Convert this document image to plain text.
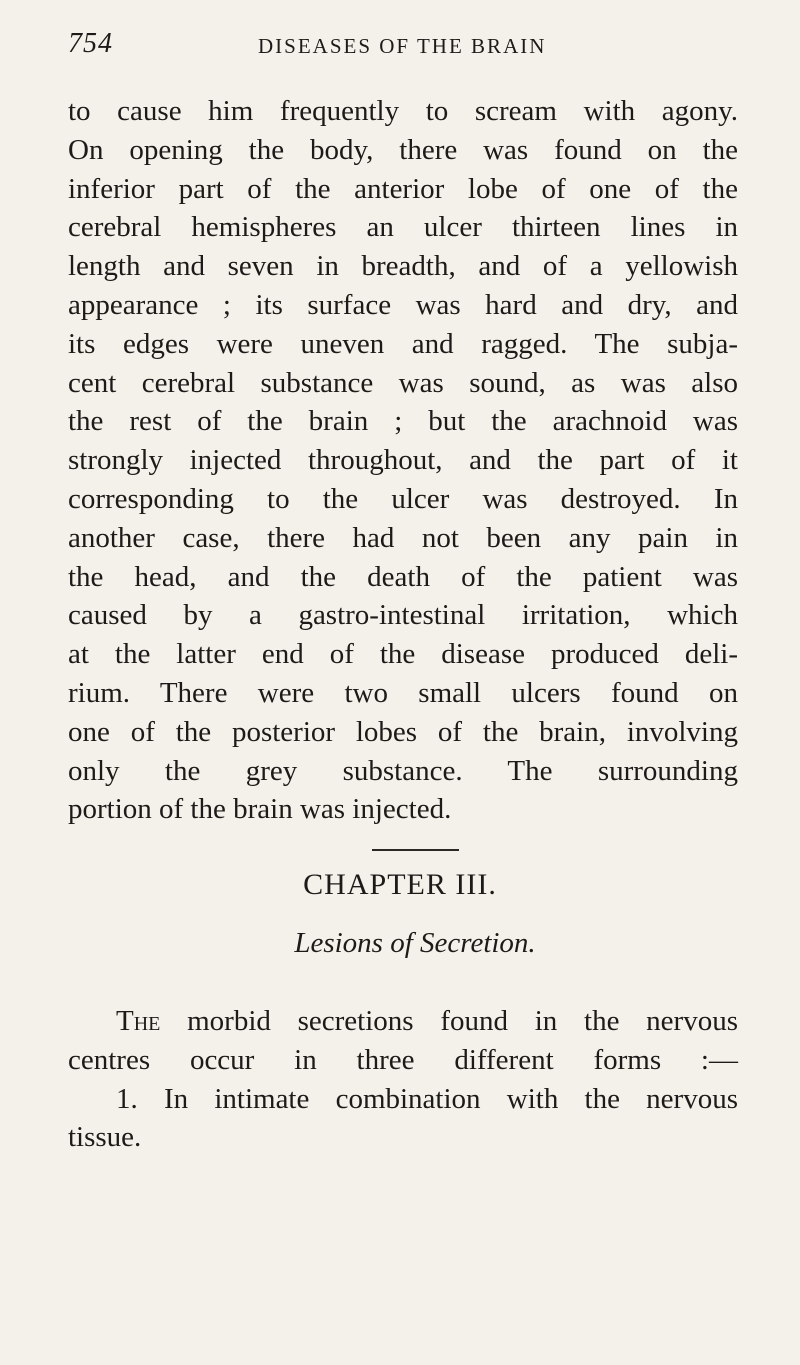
754	DISEASES OF THE BRAIN
to cause him frequently to scream with agony.
On opening the body, there was found on the
inferior part of the anterior lobe of one of the
cerebral hemispheres an ulcer thirteen lines in
length and seven in breadth, and of a yellowish
appearance ; its surface was hard and dry, and
its edges were uneven and ragged. The subja-
cent cerebral substance was sound, as was also
the rest of the brain ; but the arachnoid was
strongly injected throughout, and the part of it
corresponding to the ulcer was destroyed. In
another case, there had not been any pain in
the head, and the death of the patient was
caused by a gastro-intestinal irritation, which
at the latter end of the disease produced deli-
rium. There were two small ulcers found on
one of the posterior lobes of the brain, involving
only the grey substance. The surrounding
portion of the brain was injected.
CHAPTER III.
Lesions of Secretion.
The morbid secretions found in the nervous
centres occur in three different forms :—
1. In intimate combination with the nervous
tissue.
